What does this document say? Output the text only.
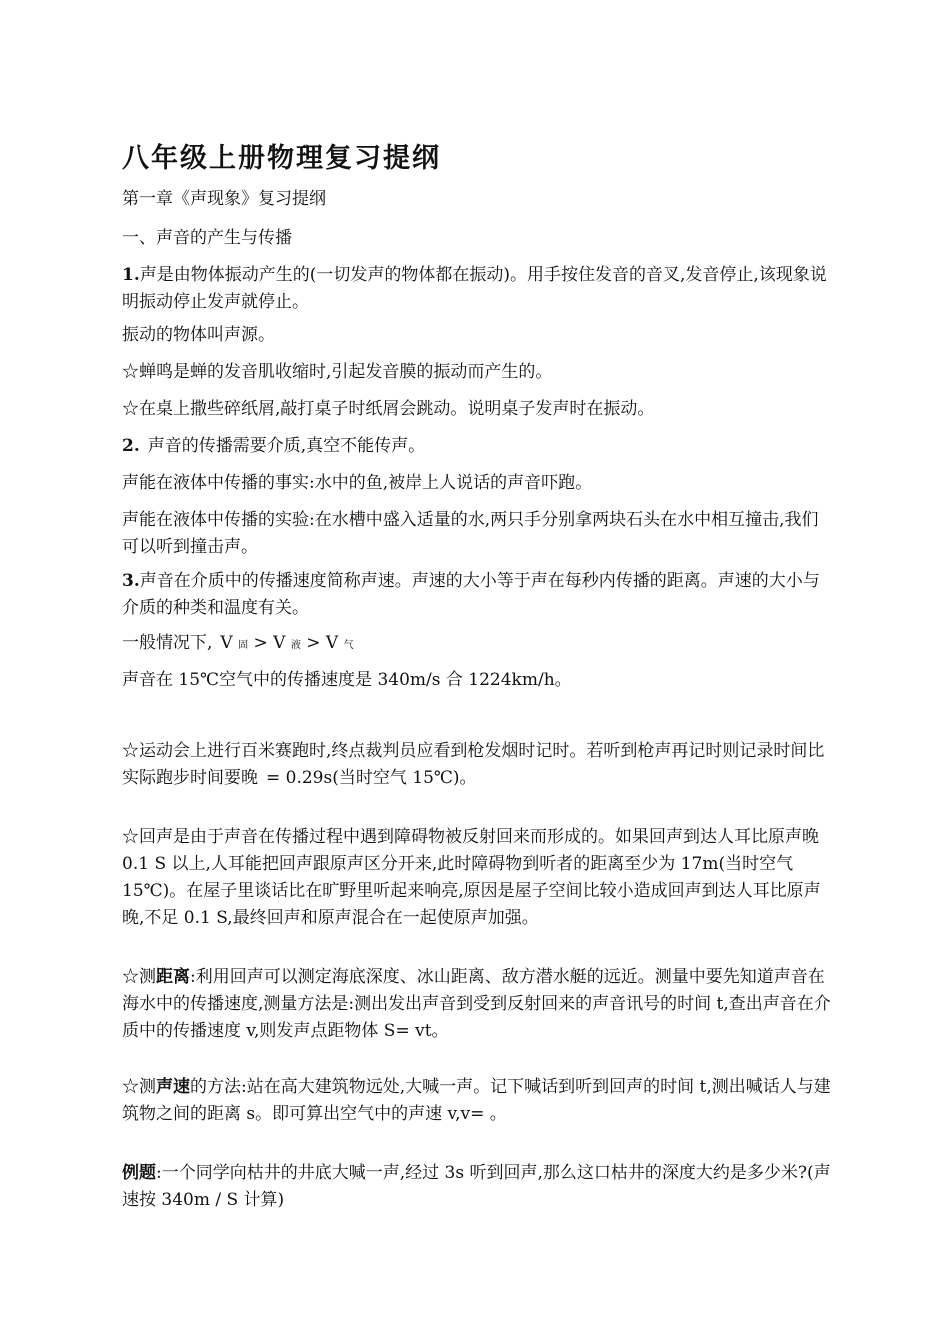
八年级上册物理复习提纲

第一章《声现象》复习提纲

一、声音的产生与传播

1.声是由物体振动产生的(一切发声的物体都在振动)。用手按住发音的音叉,发音停止,该现象说明振动停止发声就停止。

振动的物体叫声源。

☆蝉鸣是蝉的发音肌收缩时,引起发音膜的振动而产生的。

☆在桌上撒些碎纸屑,敲打桌子时纸屑会跳动。说明桌子发声时在振动。

2. 声音的传播需要介质,真空不能传声。

声能在液体中传播的事实:水中的鱼,被岸上人说话的声音吓跑。

声能在液体中传播的实验:在水槽中盛入适量的水,两只手分别拿两块石头在水中相互撞击,我们可以听到撞击声。

3.声音在介质中的传播速度简称声速。声速的大小等于声在每秒内传播的距离。声速的大小与介质的种类和温度有关。

一般情况下, V 固 > V 液 > V 气

声音在 15℃空气中的传播速度是 340m/s 合 1224km/h。

☆运动会上进行百米赛跑时,终点裁判员应看到枪发烟时记时。若听到枪声再记时则记录时间比实际跑步时间要晚 = 0.29s(当时空气 15℃)。

☆回声是由于声音在传播过程中遇到障碍物被反射回来而形成的。如果回声到达人耳比原声晚 0.1 S 以上,人耳能把回声跟原声区分开来,此时障碍物到听者的距离至少为 17m(当时空气 15℃)。在屋子里谈话比在旷野里听起来响亮,原因是屋子空间比较小造成回声到达人耳比原声晚,不足 0.1 S,最终回声和原声混合在一起使原声加强。

☆测距离:利用回声可以测定海底深度、冰山距离、敌方潜水艇的远近。测量中要先知道声音在海水中的传播速度,测量方法是:测出发出声音到受到反射回来的声音讯号的时间 t,查出声音在介质中的传播速度 v,则发声点距物体 S= vt。

☆测声速的方法:站在高大建筑物远处,大喊一声。记下喊话到听到回声的时间 t,测出喊话人与建筑物之间的距离 s。即可算出空气中的声速 v,v= 。

例题:一个同学向枯井的井底大喊一声,经过 3s 听到回声,那么这口枯井的深度大约是多少米?(声速按 340m / S 计算)
